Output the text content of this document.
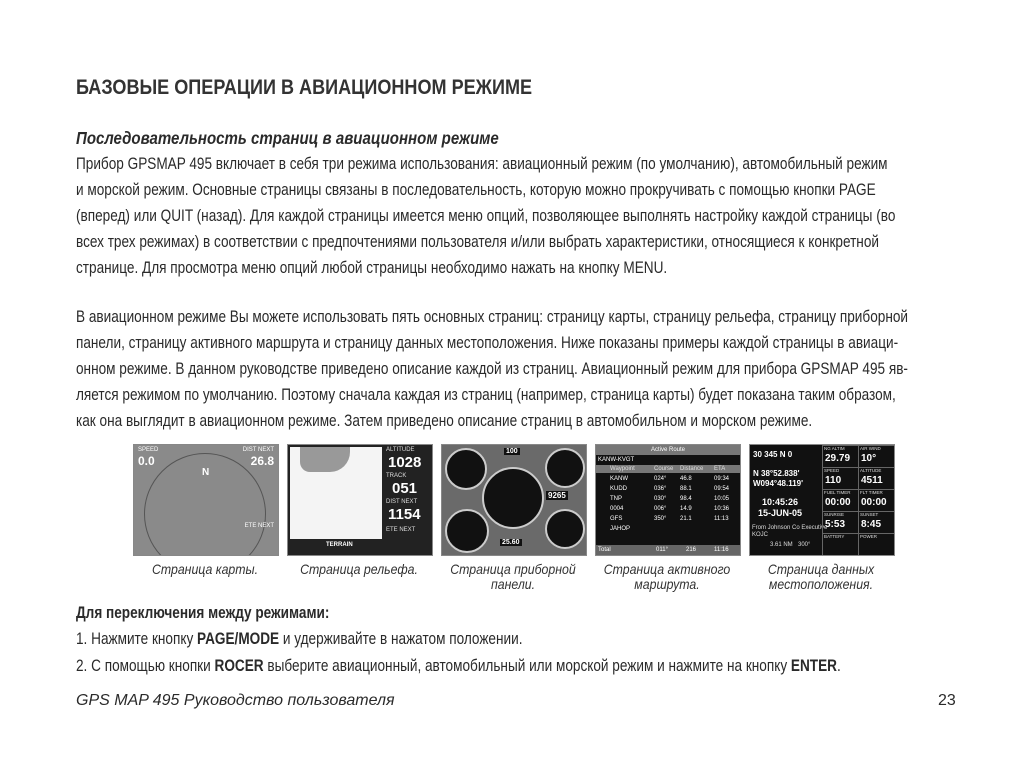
БАЗОВЫЕ ОПЕРАЦИИ В АВИАЦИОННОМ РЕЖИМЕ
Последовательность страниц в авиационном режиме
Прибор GPSMAP 495 включает в себя три режима использования: авиационный режим (по умолчанию), автомобильный режим
и морской режим. Основные страницы связаны в последовательность, которую можно прокручивать с помощью кнопки PAGE
(вперед) или QUIT (назад). Для каждой страницы имеется меню опций, позволяющее выполнять настройку каждой страницы (во
всех трех режимах) в соответствии с предпочтениями пользователя и/или выбрать характеристики, относящиеся к конкретной
странице. Для просмотра меню опций любой страницы необходимо нажать на кнопку MENU.
В авиационном режиме Вы можете использовать пять основных страниц: страницу карты, страницу рельефа, страницу приборной
панели, страницу активного маршрута и страницу данных местоположения. Ниже показаны примеры каждой страницы в авиаци-
онном режиме. В данном руководстве приведено описание каждой из страниц. Авиационный режим для прибора GPSMAP 495 яв-
ляется режимом по умолчанию. Поэтому сначала каждая из страниц (например, страница карты) будет показана таким образом,
как она выглядит в авиационном режиме. Затем приведено описание страниц в автомобильном и морском режиме.
SPEED
0.0
DIST NEXT
26.8
N
ETE NEXT
Страница карты.
TERRAIN
ALTITUDE
1028
TRACK
051
DIST NEXT
1154
ETE NEXT
Страница рельефа.
100
9265
25.60
Страница приборной панели.
Active Route
KANW-KVGT
Waypoint	Course Distance ETA
KANW	024° 46.8	09:34
KUDD	036° 88.1	09:54
TNP	030° 98.4	10:05
0004	006° 14.9	10:36
GFS	350° 21.1	11:13
JAHOP
Total	011°	216	11:16
Страница активного маршрута.
30 345 N 0
N 38°52.838'
W094°48.119'
10:45:26
15-JUN-05
From Johnson Co Executive
KOJC
3.61 NM 300°
NG ALTIM
29.79
AIR WIND
10°
SPEED
110
ALTITUDE
4511
FUEL TIMER
00:00
FLT TIMER
00:00
SUNRISE
5:53
SUNSET
8:45
BATTERY	POWER
Страница данных местоположения.
Для переключения между режимами:
1. Нажмите кнопку PAGE/MODE и удерживайте в нажатом положении.
2. С помощью кнопки ROCER выберите авиационный, автомобильный или морской режим и нажмите на кнопку ENTER.
GPS MAP 495 Руководство пользователя	23
